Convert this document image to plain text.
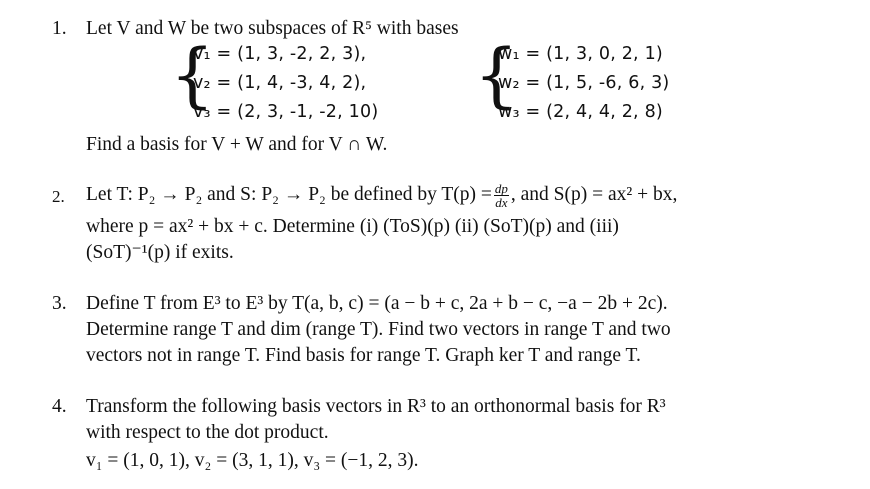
1. Let V and W be two subspaces of R⁵ with bases
{
v₁ = (1, 3, -2, 2, 3),
v₂ = (1, 4, -3, 4, 2),
v₃ = (2, 3, -1, -2, 10) {
w₁ = (1, 3, 0, 2, 1)
w₂ = (1, 5, -6, 6, 3)
w₃ = (2, 4, 4, 2, 8)
Find a basis for V + W and for V ∩ W.
2. Let T: P₂ → P₂ and S: P₂ → P₂ be defined by $T(p) = \frac{dp}{dx}$ , and S(p) = ax² + bx,
where p = ax² + bx + c. Determine (i) (ToS)(p) (ii) (SoT)(p) and (iii)
(SoT)⁻¹(p) if exits.
3. Define T from E³ to E³ by T(a, b, c) = (a − b + c, 2a + b − c, −a − 2b + 2c).
Determine range T and dim (range T). Find two vectors in range T and two
vectors not in range T. Find basis for range T. Graph ker T and range T.
4. Transform the following basis vectors in R³ to an orthonormal basis for R³
with respect to the dot product.
v₁ = (1, 0, 1), v₂ = (3, 1, 1), v₃ = (−1, 2, 3).
